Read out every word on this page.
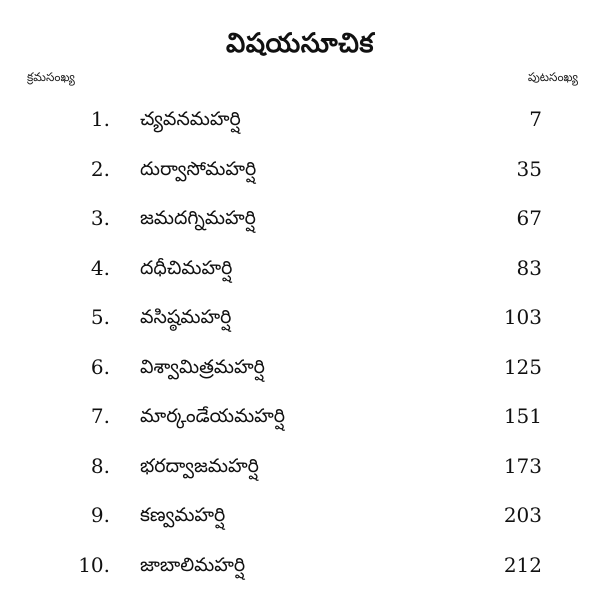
విషయసూచిక
క్రమసంఖ్య	పుటసంఖ్య
1. చ్యవనమహర్షి	7
2. దుర్వాసోమహర్షి	35
3. జమదగ్నిమహర్షి	67
4. దధీచిమహర్షి	83
5. వసిష్ఠమహర్షి	103
6. విశ్వామిత్రమహర్షి	125
7. మార్కండేయమహర్షి	151
8. భరద్వాజమహర్షి	173
9. కణ్వమహర్షి	203
10. జాబాలిమహర్షి	212
